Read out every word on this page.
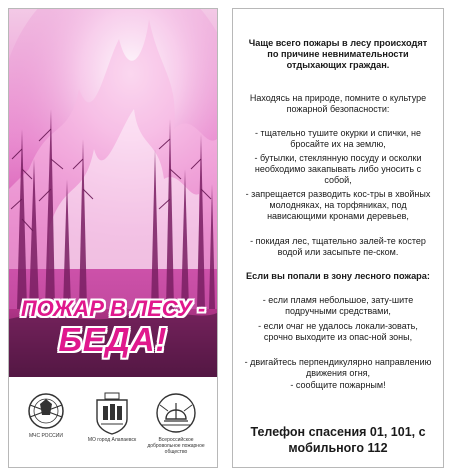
ПОЖАР В ЛЕСУ -
БЕДА!
МЧС РОССИИ
МО город Алапаевск	Всероссийское добровольное пожарное общество

Чаще всего пожары в лесу происходят по причине невнимательности отдыхающих граждан.

Находясь на природе, помните о культуре пожарной безопасности:

- тщательно тушите окурки и спички, не бросайте их на землю,

- бутылки, стеклянную посуду и осколки необходимо закапывать либо уносить с собой,

- запрещается разводить кос-тры в хвойных молодняках, на торфяниках, под нависающими кронами деревьев,

- покидая лес, тщательно залей-те костер водой или засыпьте пе-ском.

Если вы попали в зону лесного пожара:

- если пламя небольшое, зату-шите подручными средствами,

- если очаг не удалось локали-зовать, срочно выходите из опас-ной зоны,

- двигайтесь перпендикулярно направлению движения огня,

- сообщите пожарным!

Телефон спасения 01, 101, с мобильного 112
